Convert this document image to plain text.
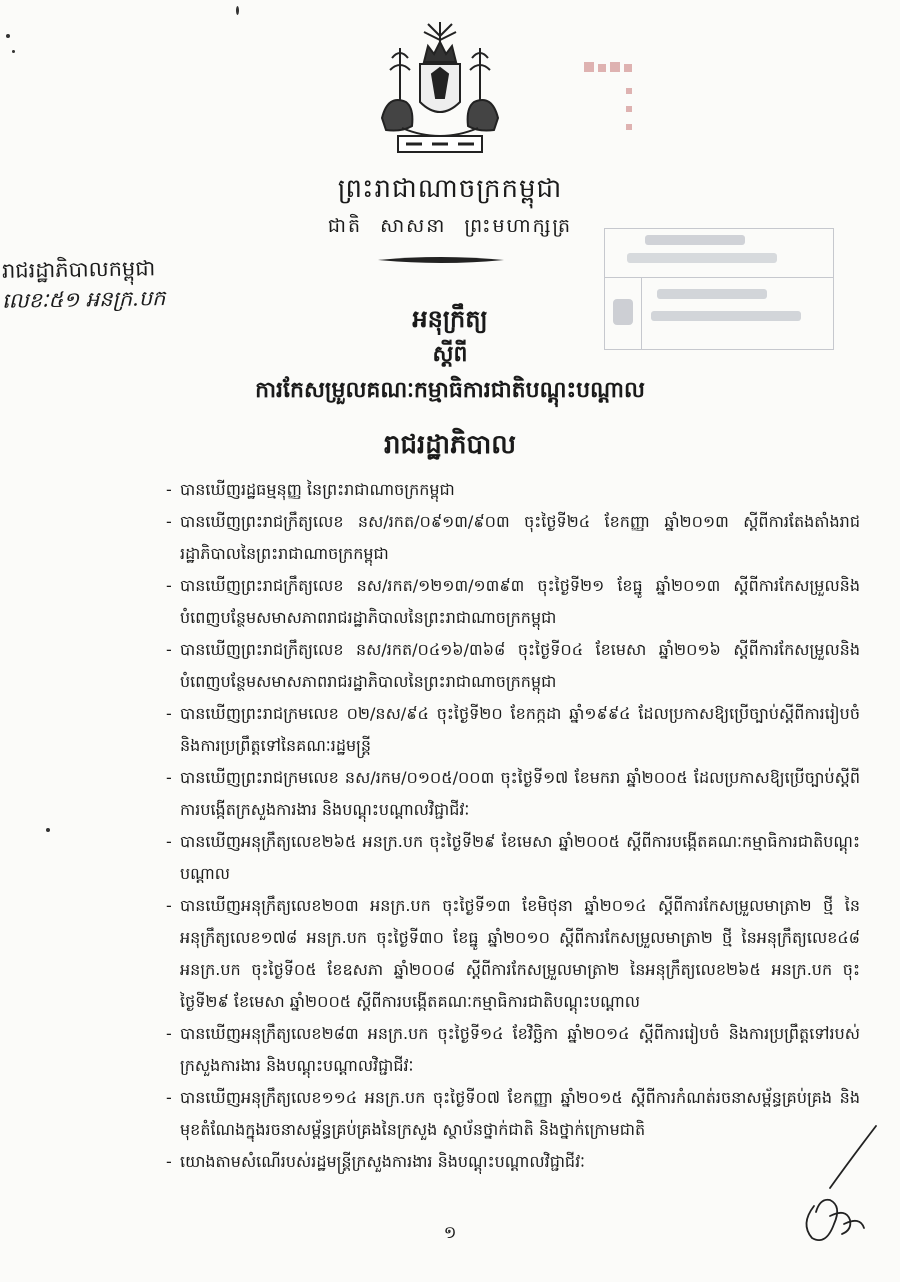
ព្រះរាជាណាចក្រកម្ពុជា
ជាតិ សាសនា ព្រះមហាក្សត្រ
រាជរដ្ឋាភិបាលកម្ពុជា
លេខៈ៥១ អនក្រ.បក
អនុក្រឹត្យ
ស្តីពី
ការកែសម្រួលគណៈកម្មាធិការជាតិបណ្តុះបណ្តាល
រាជរដ្ឋាភិបាល
- បានឃើញរដ្ឋធម្មនុញ្ញ នៃព្រះរាជាណាចក្រកម្ពុជា
- បានឃើញព្រះរាជក្រឹត្យលេខ នស/រកត/០៩១៣/៩០៣ ចុះថ្ងៃទី២៤ ខែកញ្ញា ឆ្នាំ២០១៣ ស្តីពីការតែងតាំងរាជរដ្ឋាភិបាលនៃព្រះរាជាណាចក្រកម្ពុជា
- បានឃើញព្រះរាជក្រឹត្យលេខ នស/រកត/១២១៣/១៣៩៣ ចុះថ្ងៃទី២១ ខែធ្នូ ឆ្នាំ២០១៣ ស្តីពីការកែសម្រួលនិងបំពេញបន្ថែមសមាសភាពរាជរដ្ឋាភិបាលនៃព្រះរាជាណាចក្រកម្ពុជា
- បានឃើញព្រះរាជក្រឹត្យលេខ នស/រកត/០៤១៦/៣៦៨ ចុះថ្ងៃទី០៤ ខែមេសា ឆ្នាំ២០១៦ ស្តីពីការកែសម្រួលនិងបំពេញបន្ថែមសមាសភាពរាជរដ្ឋាភិបាលនៃព្រះរាជាណាចក្រកម្ពុជា
- បានឃើញព្រះរាជក្រមលេខ ០២/នស/៩៤ ចុះថ្ងៃទី២០ ខែកក្កដា ឆ្នាំ១៩៩៤ ដែលប្រកាសឱ្យប្រើច្បាប់ស្តីពីការរៀបចំ និងការប្រព្រឹត្តទៅនៃគណៈរដ្ឋមន្ត្រី
- បានឃើញព្រះរាជក្រមលេខ នស/រកម/០១០៥/០០៣ ចុះថ្ងៃទី១៧ ខែមករា ឆ្នាំ២០០៥ ដែលប្រកាសឱ្យប្រើច្បាប់ស្តីពីការបង្កើតក្រសួងការងារ និងបណ្តុះបណ្តាលវិជ្ជាជីវៈ
- បានឃើញអនុក្រឹត្យលេខ២៦៥ អនក្រ.បក ចុះថ្ងៃទី២៩ ខែមេសា ឆ្នាំ២០០៥ ស្តីពីការបង្កើតគណៈកម្មាធិការជាតិបណ្តុះបណ្តាល
- បានឃើញអនុក្រឹត្យលេខ២០៣ អនក្រ.បក ចុះថ្ងៃទី១៣ ខែមិថុនា ឆ្នាំ២០១៤ ស្តីពីការកែសម្រួលមាត្រា២ ថ្មី នៃអនុក្រឹត្យលេខ១៧៨ អនក្រ.បក ចុះថ្ងៃទី៣០ ខែធ្នូ ឆ្នាំ២០១០ ស្តីពីការកែសម្រួលមាត្រា២ ថ្មី នៃអនុក្រឹត្យលេខ៤៨ អនក្រ.បក ចុះថ្ងៃទី០៥ ខែឧសភា ឆ្នាំ២០០៨ ស្តីពីការកែសម្រួលមាត្រា២ នៃអនុក្រឹត្យលេខ២៦៥ អនក្រ.បក ចុះថ្ងៃទី២៩ ខែមេសា ឆ្នាំ២០០៥ ស្តីពីការបង្កើតគណៈកម្មាធិការជាតិបណ្តុះបណ្តាល
- បានឃើញអនុក្រឹត្យលេខ២៨៣ អនក្រ.បក ចុះថ្ងៃទី១៤ ខែវិច្ឆិកា ឆ្នាំ២០១៤ ស្តីពីការរៀបចំ និងការប្រព្រឹត្តទៅរបស់ក្រសួងការងារ និងបណ្តុះបណ្តាលវិជ្ជាជីវៈ
- បានឃើញអនុក្រឹត្យលេខ១១៤ អនក្រ.បក ចុះថ្ងៃទី០៧ ខែកញ្ញា ឆ្នាំ២០១៥ ស្តីពីការកំណត់រចនាសម្ព័ន្ធគ្រប់គ្រង និងមុខតំណែងក្នុងរចនាសម្ព័ន្ធគ្រប់គ្រងនៃក្រសួង ស្ថាប័នថ្នាក់ជាតិ និងថ្នាក់ក្រោមជាតិ
- យោងតាមសំណើរបស់រដ្ឋមន្ត្រីក្រសួងការងារ និងបណ្តុះបណ្តាលវិជ្ជាជីវៈ
១
